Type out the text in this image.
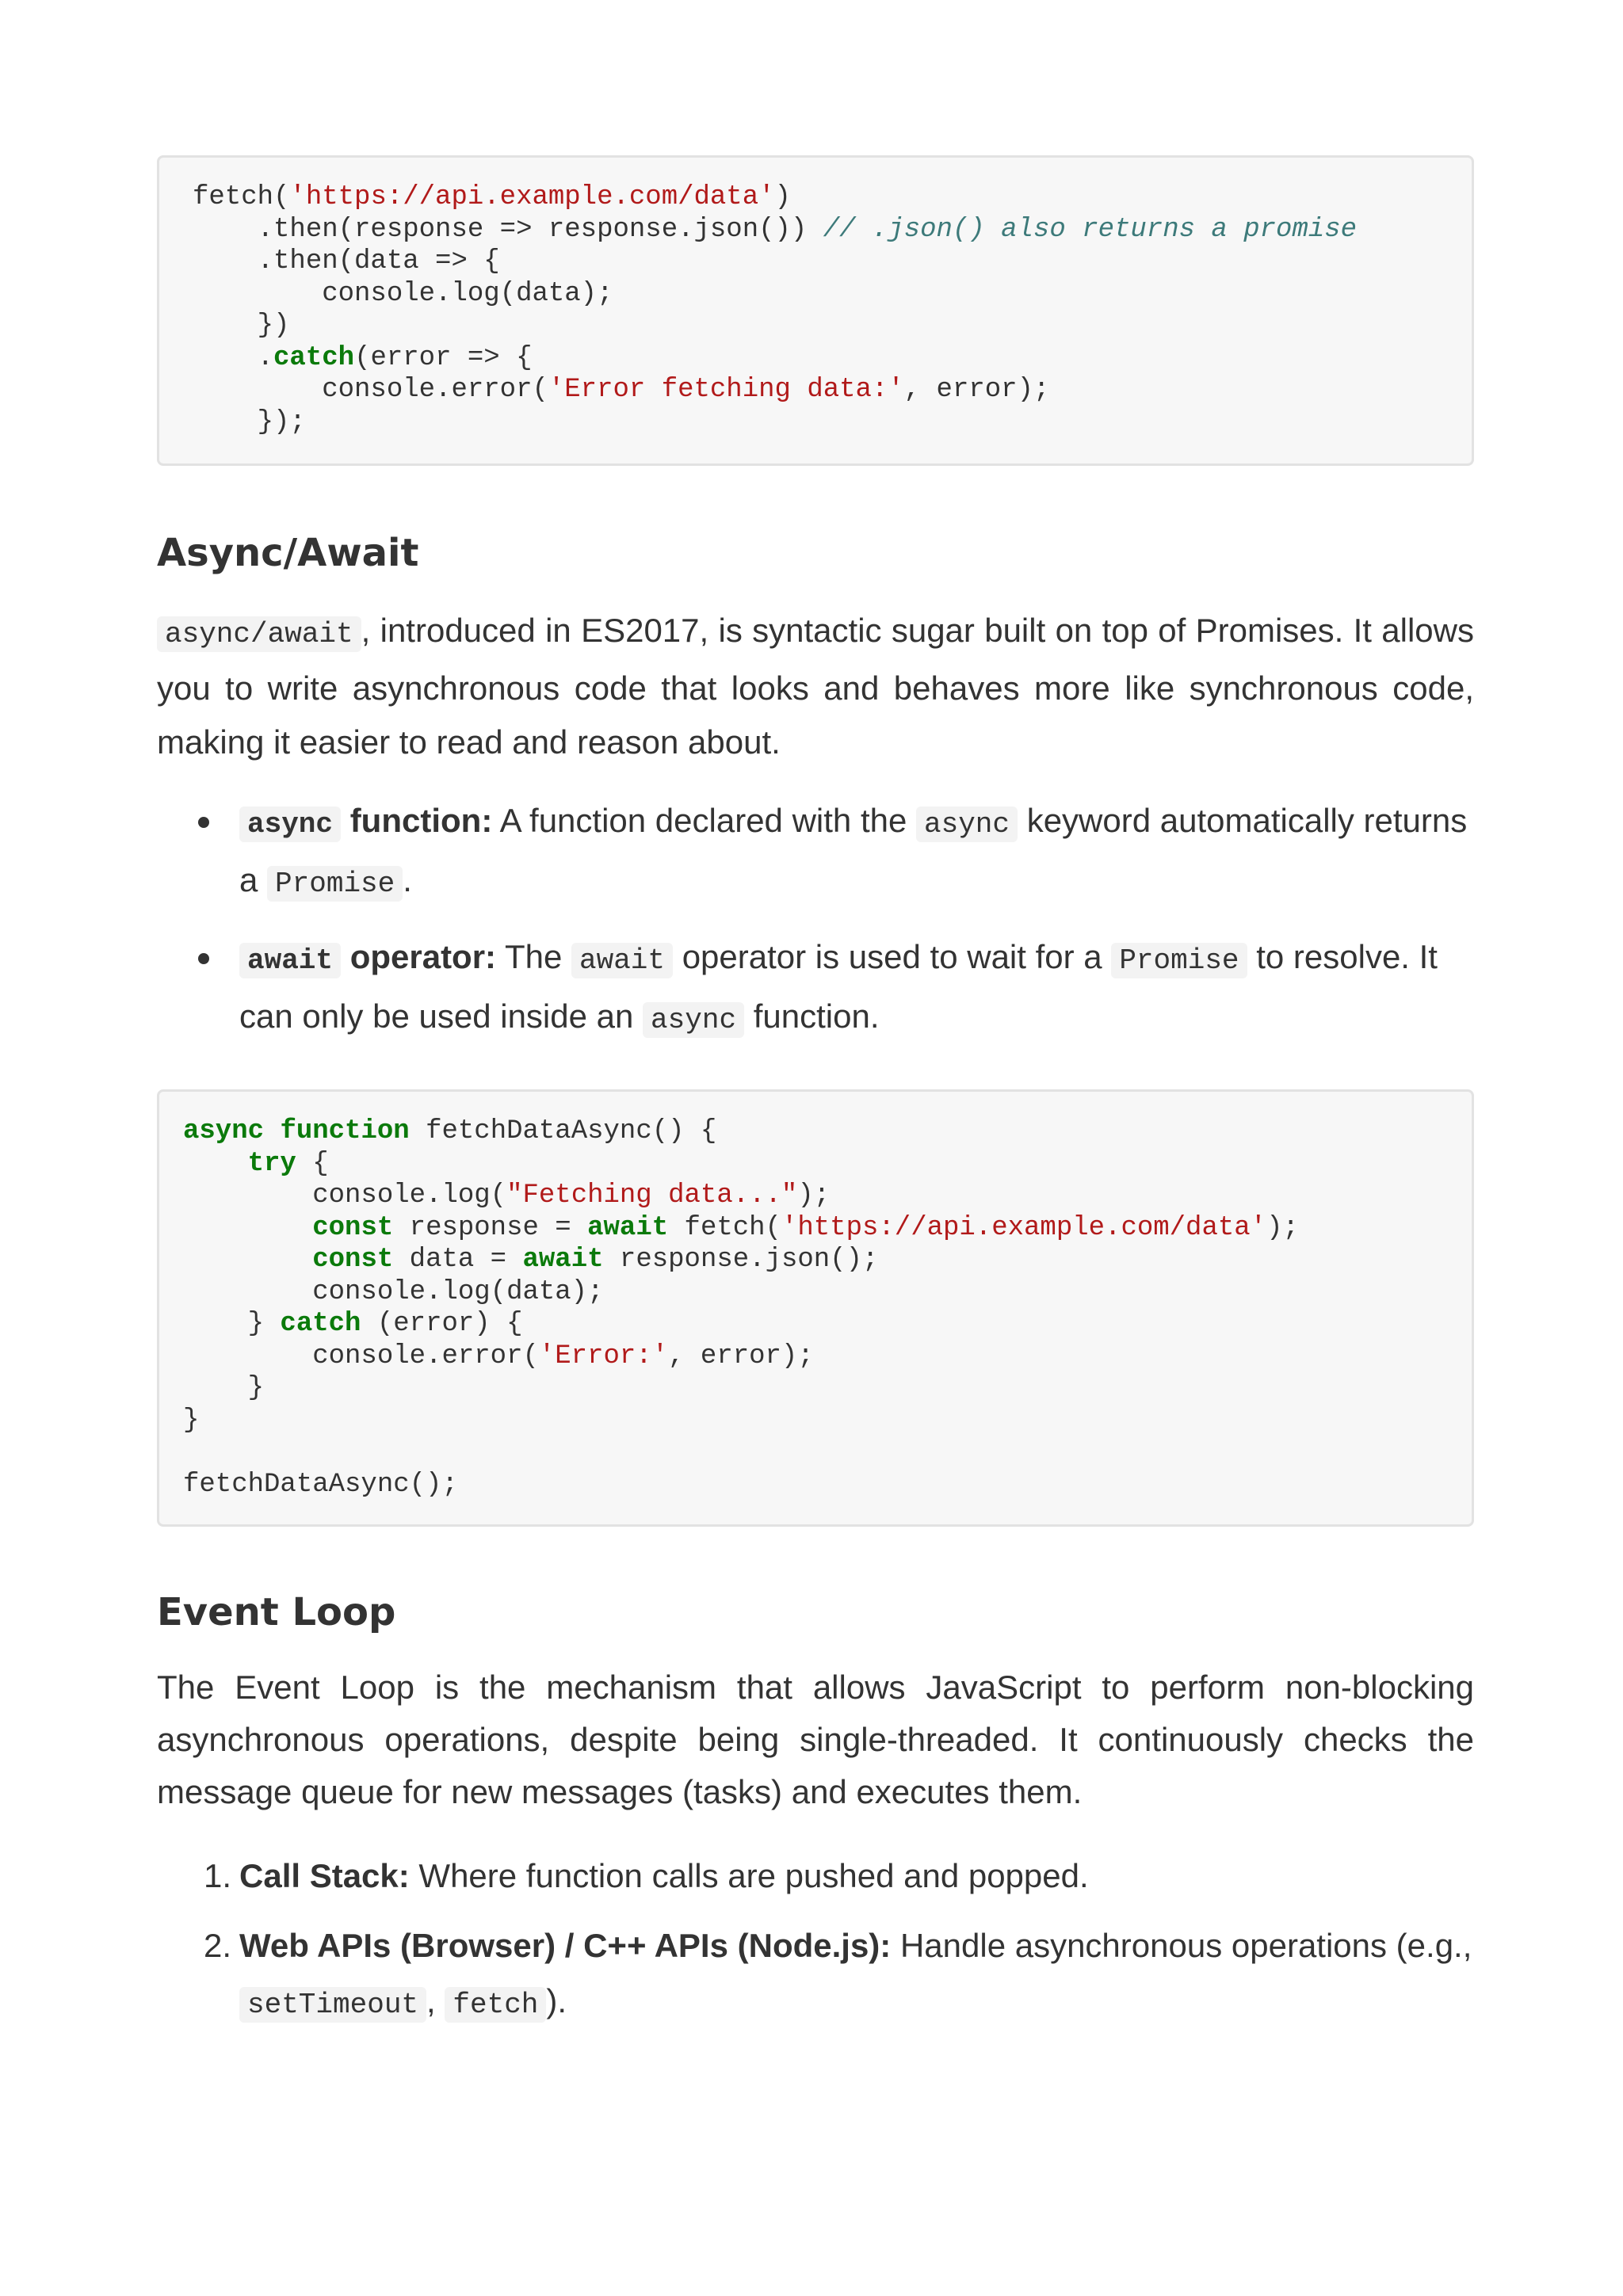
fetch('https://api.example.com/data')
.then(response => response.json()) // .json() also returns a promise
.then(data => {
console.log(data);
})
.catch(error => {
console.error('Error fetching data:', error);
});
Async/Await

async/await , introduced in ES2017, is syntactic sugar built on top of Promises. It allows you to write asynchronous code that looks and behaves more like synchronous code, making it easier to read and reason about.

async function: A function declared with the async keyword automatically returns a Promise .
await operator: The await operator is used to wait for a Promise to resolve. It can only be used inside an async function.
async function fetchDataAsync() {
try {
console.log("Fetching data...");
const response = await fetch('https://api.example.com/data');
const data = await response.json();
console.log(data);
} catch (error) {
console.error('Error:', error);
}
}

fetchDataAsync();
Event Loop

The Event Loop is the mechanism that allows JavaScript to perform non-blocking asynchronous operations, despite being single-threaded. It continuously checks the message queue for new messages (tasks) and executes them.

1. Call Stack: Where function calls are pushed and popped.
2. Web APIs (Browser) / C++ APIs (Node.js): Handle asynchronous operations (e.g., setTimeout , fetch ).
